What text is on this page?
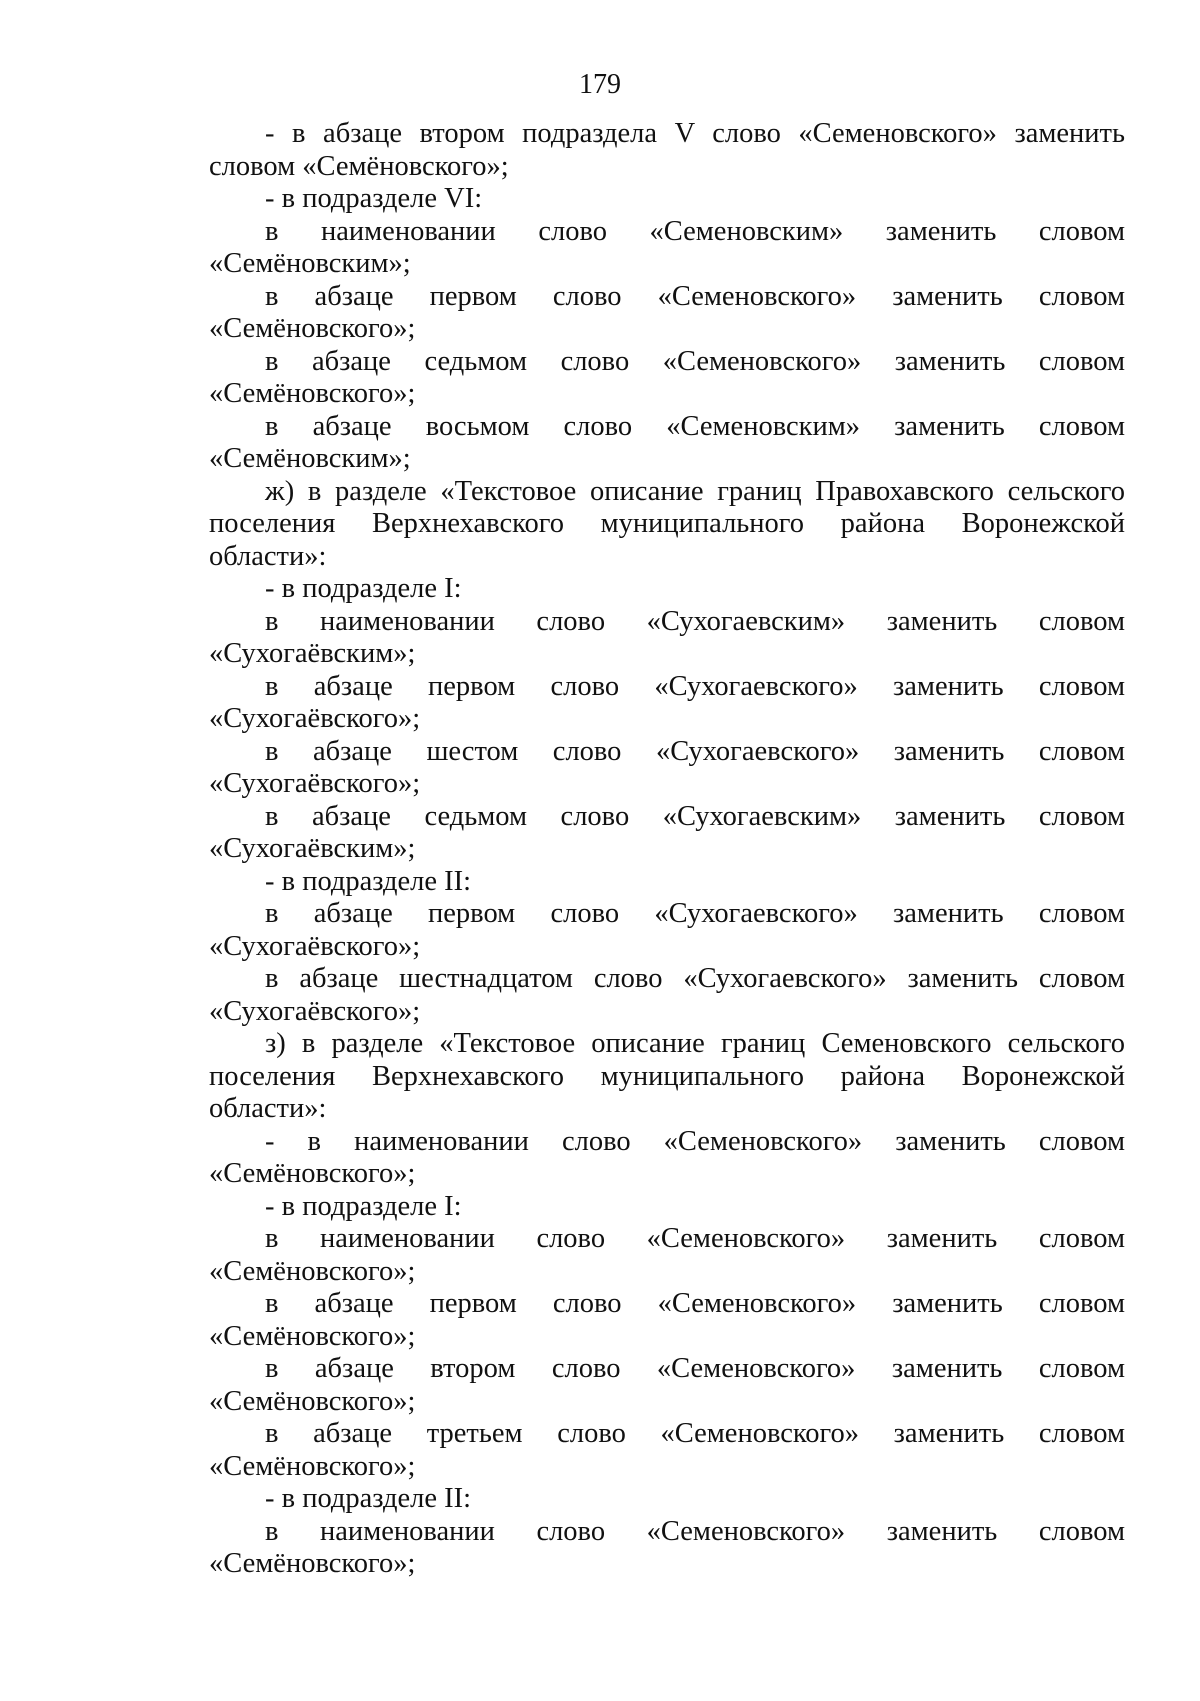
179

- в абзаце втором подраздела V слово «Семеновского» заменить словом «Семёновского»;

- в подразделе VI:

в наименовании слово «Семеновским» заменить словом «Семёновским»;

в абзаце первом слово «Семеновского» заменить словом «Семёновского»;

в абзаце седьмом слово «Семеновского» заменить словом «Семёновского»;

в абзаце восьмом слово «Семеновским» заменить словом «Семёновским»;

ж) в разделе «Текстовое описание границ Правохавского сельского поселения Верхнехавского муниципального района Воронежской области»:

- в подразделе I:

в наименовании слово «Сухогаевским» заменить словом «Сухогаёвским»;

в абзаце первом слово «Сухогаевского» заменить словом «Сухогаёвского»;

в абзаце шестом слово «Сухогаевского» заменить словом «Сухогаёвского»;

в абзаце седьмом слово «Сухогаевским» заменить словом «Сухогаёвским»;

- в подразделе II:

в абзаце первом слово «Сухогаевского» заменить словом «Сухогаёвского»;

в абзаце шестнадцатом слово «Сухогаевского» заменить словом «Сухогаёвского»;

з) в разделе «Текстовое описание границ Семеновского сельского поселения Верхнехавского муниципального района Воронежской области»:

- в наименовании слово «Семеновского» заменить словом «Семёновского»;

- в подразделе I:

в наименовании слово «Семеновского» заменить словом «Семёновского»;

в абзаце первом слово «Семеновского» заменить словом «Семёновского»;

в абзаце втором слово «Семеновского» заменить словом «Семёновского»;

в абзаце третьем слово «Семеновского» заменить словом «Семёновского»;

- в подразделе II:

в наименовании слово «Семеновского» заменить словом «Семёновского»;
